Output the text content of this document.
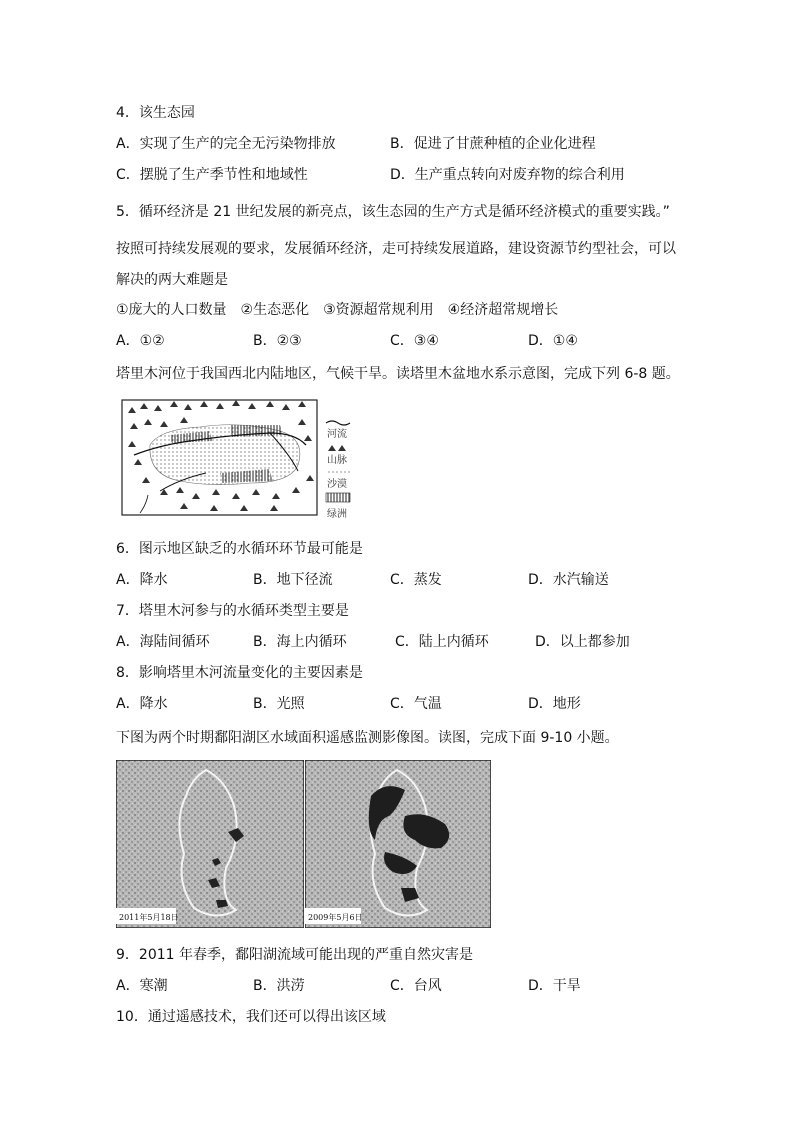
4．该生态园
A．实现了生产的完全无污染物排放	B．促进了甘蔗种植的企业化进程
C．摆脱了生产季节性和地域性	D．生产重点转向对废弃物的综合利用
5．循环经济是 21 世纪发展的新亮点，该生态园的生产方式是循环经济模式的重要实践。”
按照可持续发展观的要求，发展循环经济，走可持续发展道路，建设资源节约型社会，可以
解决的两大难题是
①庞大的人口数量　②生态恶化　③资源超常规利用　④经济超常规增长
A．①②	B．②③	C．③④	D．①④
塔里木河位于我国西北内陆地区，气候干旱。读塔里木盆地水系示意图，完成下列 6-8 题。
河流
山脉
沙漠
绿洲
6．图示地区缺乏的水循环环节最可能是
A．降水	B．地下径流	C．蒸发	D．水汽输送
7．塔里木河参与的水循环类型主要是
A．海陆间循环	B．海上内循环	C．陆上内循环	D．以上都参加
8．影响塔里木河流量变化的主要因素是
A．降水	B．光照	C．气温	D．地形
下图为两个时期鄱阳湖区水域面积遥感监测影像图。读图，完成下面 9-10 小题。
2011年5月18日	2009年5月6日
9．2011 年春季，鄱阳湖流域可能出现的严重自然灾害是
A．寒潮	B．洪涝	C．台风	D．干旱
10．通过遥感技术，我们还可以得出该区域
